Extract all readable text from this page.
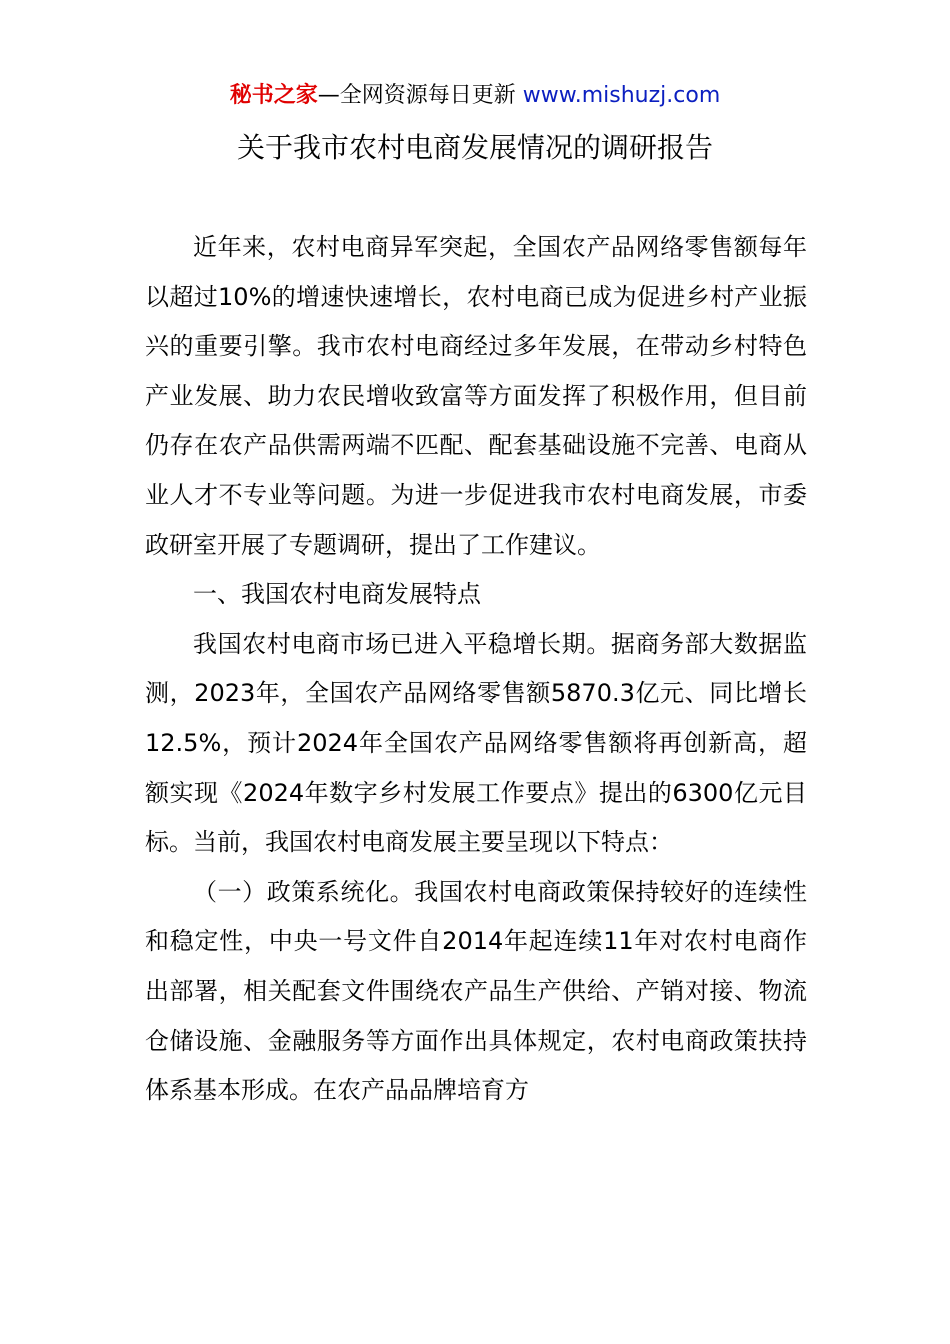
秘书之家—全网资源每日更新 www.mishuzj.com
关于我市农村电商发展情况的调研报告

近年来，农村电商异军突起，全国农产品网络零售额每年以超过10%的增速快速增长，农村电商已成为促进乡村产业振兴的重要引擎。我市农村电商经过多年发展，在带动乡村特色产业发展、助力农民增收致富等方面发挥了积极作用，但目前仍存在农产品供需两端不匹配、配套基础设施不完善、电商从业人才不专业等问题。为进一步促进我市农村电商发展，市委政研室开展了专题调研，提出了工作建议。

一、我国农村电商发展特点

我国农村电商市场已进入平稳增长期。据商务部大数据监测，2023年，全国农产品网络零售额5870.3亿元、同比增长12.5%，预计2024年全国农产品网络零售额将再创新高，超额实现《2024年数字乡村发展工作要点》提出的6300亿元目标。当前，我国农村电商发展主要呈现以下特点：

（一）政策系统化。我国农村电商政策保持较好的连续性和稳定性，中央一号文件自2014年起连续11年对农村电商作出部署，相关配套文件围绕农产品生产供给、产销对接、物流仓储设施、金融服务等方面作出具体规定，农村电商政策扶持体系基本形成。在农产品品牌培育方
